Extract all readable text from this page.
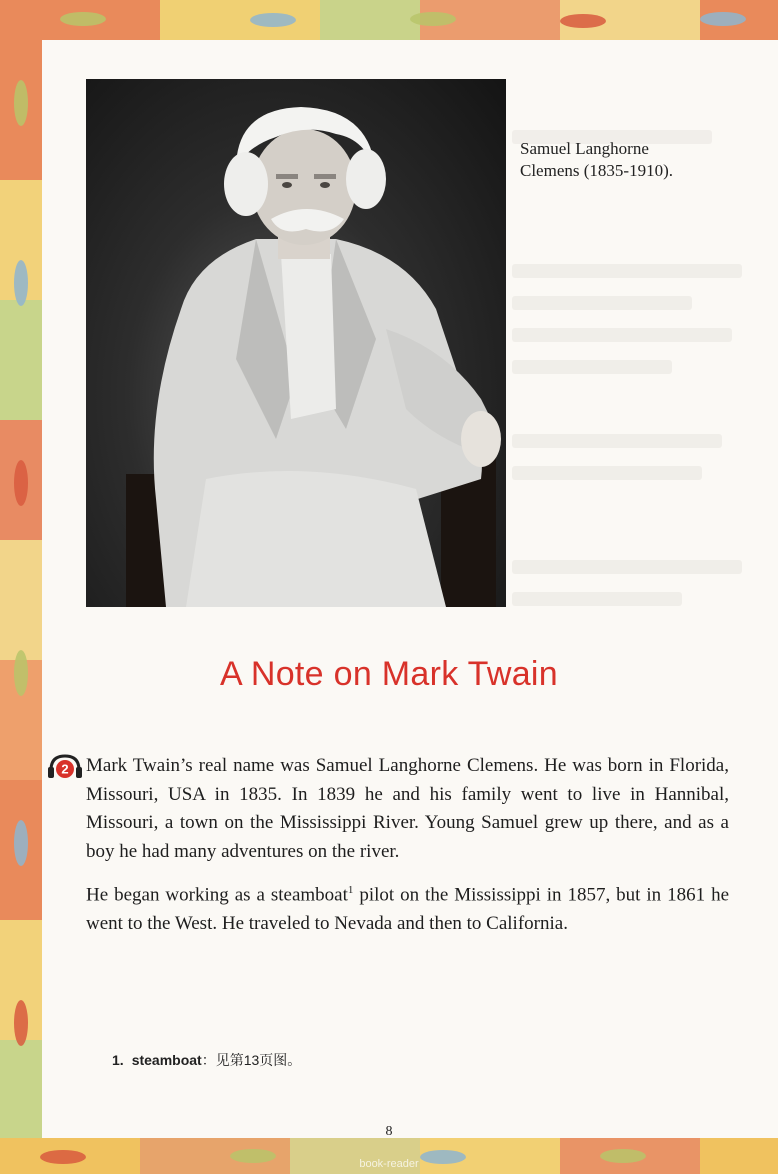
Samuel Langhorne
Clemens (1835-1910).
A Note on Mark Twain
2 Mark Twain’s real name was Samuel Langhorne Clemens. He was born in Florida, Missouri, USA in 1835. In 1839 he and his family went to live in Hannibal, Missouri, a town on the Mississippi River. Young Samuel grew up there, and as a boy he had many adventures on the river.

He began working as a steamboat$^1$ pilot on the Mississippi in 1857, but in 1861 he went to the West. He traveled to Nevada and then to California.

1. steamboat：见第13页图。
8
book-reader
